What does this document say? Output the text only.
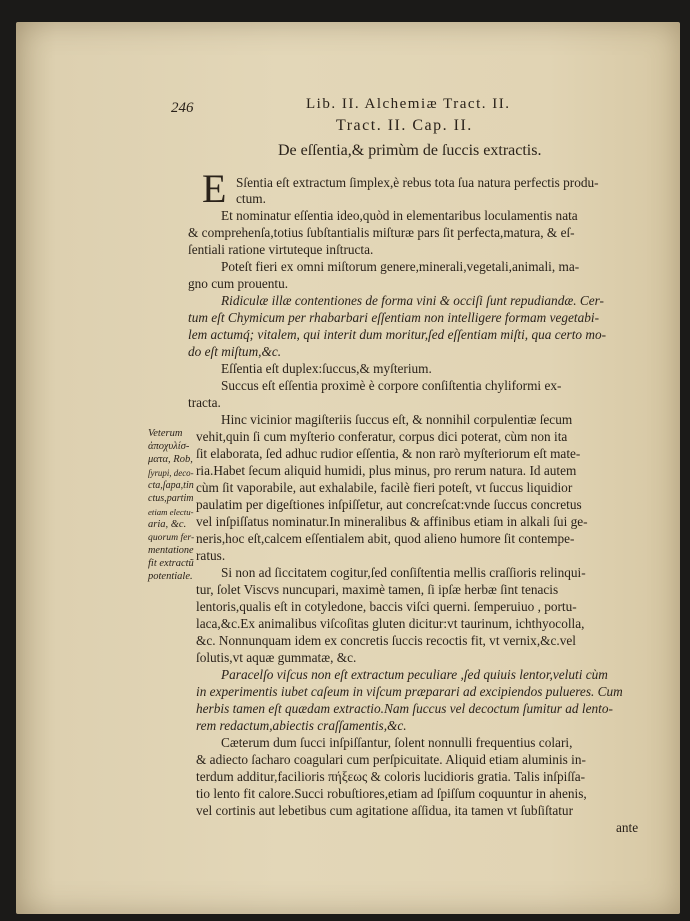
246	Lib. II. Alchemiæ Tract. II.
Tract. II. Cap. II.
De eſſentia,& primùm de ſuccis extractis.
E Sſentia eſt extractum ſimplex,è rebus tota ſua natura perfectis produ-
ctum.
Et nominatur eſſentia ideo,quòd in elementaribus loculamentis nata
& comprehenſa,totius ſubſtantialis miſturæ pars ſit perfecta,matura, & eſ-
ſentiali ratione virtuteque inſtructa.
Poteſt fieri ex omni miſtorum genere,minerali,vegetali,animali, ma-
gno cum prouentu.
Ridiculæ illæ contentiones de forma vini & occiſi ſunt repudiandæ. Cer-
tum eſt Chymicum per rhabarbari eſſentiam non intelligere formam vegetabi-
lem actumq́; vitalem, qui interit dum moritur,ſed eſſentiam miſti, qua certo mo-
do eſt miſtum,&c.
Eſſentia eſt duplex:ſuccus,& myſterium.
Succus eſt eſſentia proximè è corpore conſiſtentia chyliformi ex-
tracta.
Hinc vicinior magiſteriis ſuccus eſt, & nonnihil corpulentiæ ſecum
vehit,quin ſi cum myſterio conferatur, corpus dici poterat, cùm non ita
ſit elaborata, ſed adhuc rudior eſſentia, & non rarò myſteriorum eſt mate-
ria.Habet ſecum aliquid humidi, plus minus, pro rerum natura. Id autem
cùm ſit vaporabile, aut exhalabile, facilè fieri poteſt, vt ſuccus liquidior
paulatim per digeſtiones inſpiſſetur, aut concreſcat:vnde ſuccus concretus
vel inſpiſſatus nominatur.In mineralibus & affinibus etiam in alkali ſui ge-
neris,hoc eſt,calcem eſſentialem abit, quod alieno humore ſit contempe-
ratus.
Si non ad ſiccitatem cogitur,ſed conſiſtentia mellis craſſioris relinqui-
tur, ſolet Viscvs nuncupari, maximè tamen, ſi ipſæ herbæ ſint tenacis
lentoris,qualis eſt in cotyledone, baccis viſci querni. ſemperuiuo , portu-
laca,&c.Ex animalibus viſcoſitas gluten dicitur:vt taurinum, ichthyocolla,
&c. Nonnunquam idem ex concretis ſuccis recoctis fit, vt vernix,&c.vel
ſolutis,vt aquæ gummatæ, &c.
Paracelſo viſcus non eſt extractum peculiare ,ſed quiuis lentor,veluti cùm
in experimentis iubet caſeum in viſcum præparari ad excipiendos pulueres. Cum
herbis tamen eſt quædam extractio.Nam ſuccus vel decoctum ſumitur ad lento-
rem redactum,abiectis craſſamentis,&c.
Cæterum dum ſucci inſpiſſantur, ſolent nonnulli frequentius colari,
& adiecto ſacharo coagulari cum perſpicuitate. Aliquid etiam aluminis in-
terdum additur,facilioris πήξεως & coloris lucidioris gratia. Talis inſpiſſa-
tio lento fit calore.Succi robuſtiores,etiam ad ſpiſſum coquuntur in ahenis,
vel cortinis aut lebetibus cum agitatione aſſidua, ita tamen vt ſubſiſtatur
ante
Veterum
ἀποχυλίσ-
ματα, Rob,
ſyrupi, deco-
cta,ſapa,tin
ctus,partim
etiam electu-
aria, &c.
quorum fer-
mentatione
fit extractũ
potentiale.
